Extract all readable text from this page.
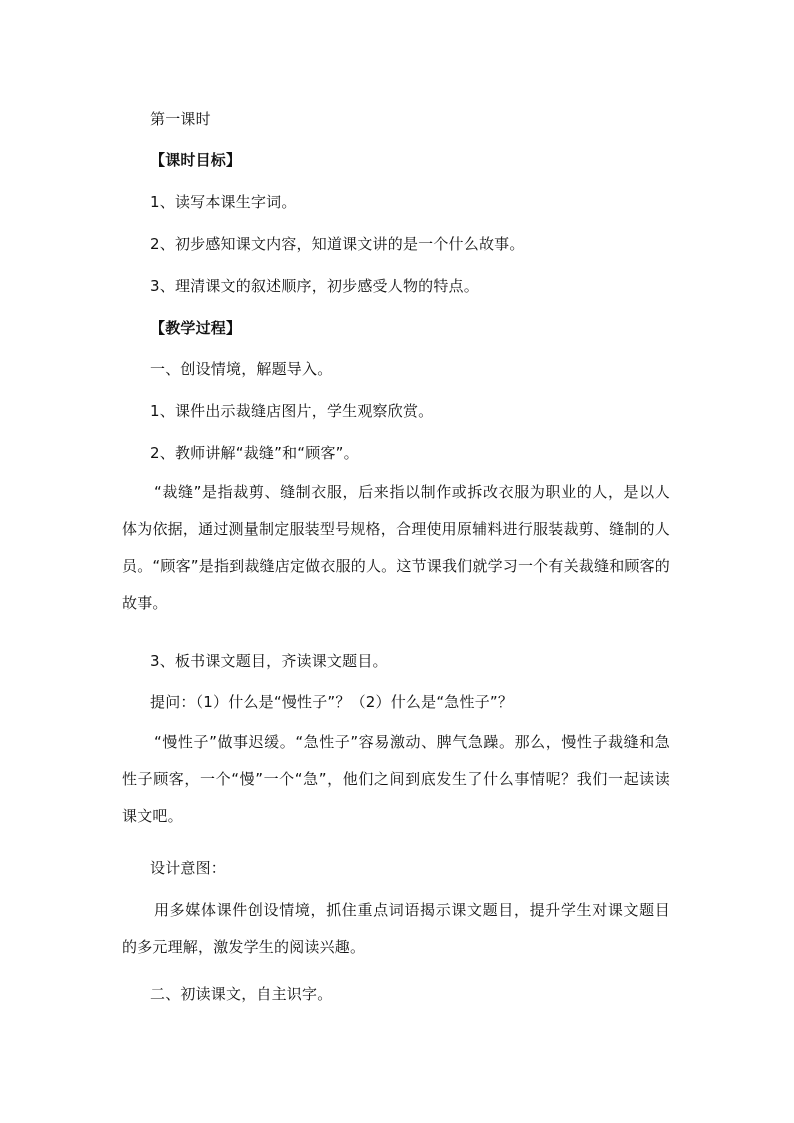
第一课时
【课时目标】
1、读写本课生字词。
2、初步感知课文内容，知道课文讲的是一个什么故事。
3、理清课文的叙述顺序，初步感受人物的特点。
【教学过程】
一、创设情境，解题导入。
1、课件出示裁缝店图片，学生观察欣赏。
2、教师讲解“裁缝”和“顾客”。
“裁缝”是指裁剪、缝制衣服，后来指以制作或拆改衣服为职业的人，是以人体为依据，通过测量制定服装型号规格，合理使用原辅料进行服装裁剪、缝制的人员。“顾客”是指到裁缝店定做衣服的人。这节课我们就学习一个有关裁缝和顾客的故事。
3、板书课文题目，齐读课文题目。
提问：（1）什么是“慢性子”？（2）什么是“急性子”？
“慢性子”做事迟缓。“急性子”容易激动、脾气急躁。那么，慢性子裁缝和急性子顾客，一个“慢”一个“急”，他们之间到底发生了什么事情呢？我们一起读读课文吧。
设计意图：
用多媒体课件创设情境，抓住重点词语揭示课文题目，提升学生对课文题目的多元理解，激发学生的阅读兴趣。
二、初读课文，自主识字。
